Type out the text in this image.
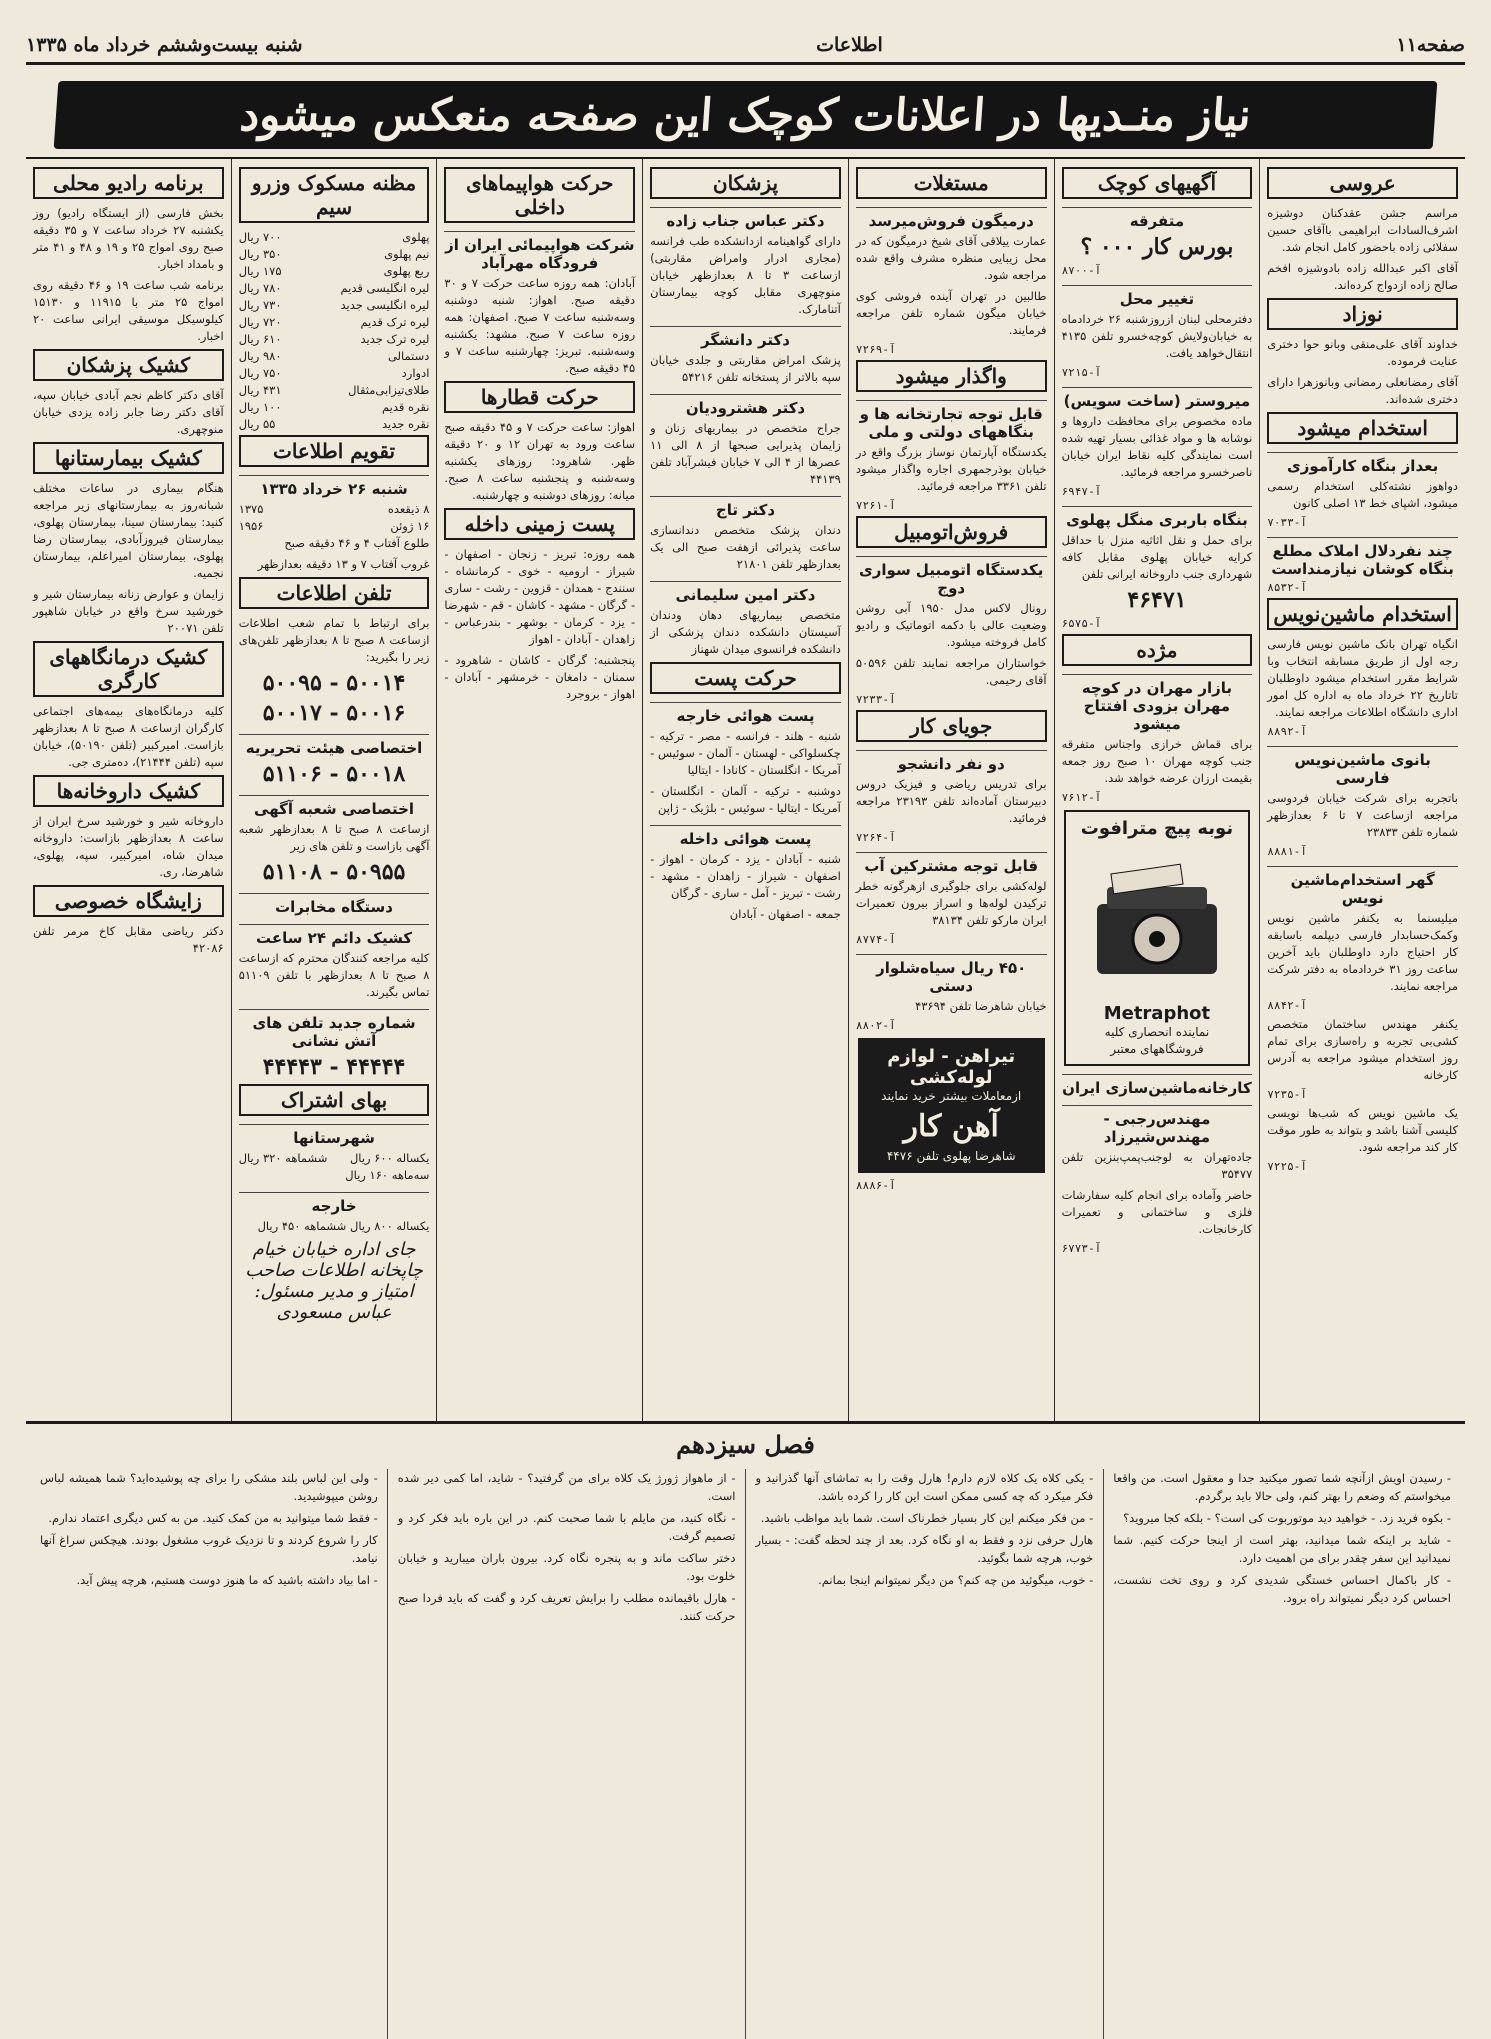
صفحه۱۱
اطلاعات
شنبه بیست‌وششم خرداد ماه ۱۳۳۵
نیاز منـدیها در اعلانات کوچک این صفحه منعکس میشود
عروسی
مراسم جشن عقدکنان دوشیزه اشرف‌السادات ابراهیمی باآقای حسین سفلائی زاده باحضور کامل انجام شد.
آقای اکبر عبدالله زاده بادوشیزه افخم صالح زاده ازدواج کرده‌اند.
نوزاد
خداوند آقای علی‌منقی وبانو حوا دختری عنایت فرموده.
آقای رمضانعلی رمضانی وبانوزهرا دارای دختری شده‌اند.
استخدام میشود
بعداز بنگاه کارآموزی
دواهوز نشته‌کلی استخدام رسمی میشود، اشپای خط ۱۳ اصلی کانون
آ-۷۰۳۳
چند نفردلال املاک مطلع بنگاه کوشان نیازمنداست
آ-۸۵۳۲
استخدام ماشین‌نویس
انگیاه تهران بانک ماشین نویس فارسی رجه اول از طریق مسابقه انتخاب وبا شرایط مقرر استخدام میشود داوطلبان تاتاریخ ۲۲ خرداد ماه به اداره کل امور اداری دانشگاه اطلاعات مراجعه نمایند.
آ-۸۸۹۲
بانوی ماشین‌نویس فارسی
باتجربه برای شرکت خیابان فردوسی مراجعه ازساعت ۷ تا ۶ بعدازظهر شماره تلفن ۲۳۸۳۳
آ-۸۸۸۱
گهر استخدام‌ماشین نویس
میلیسنما به یکنفر ماشین نویس وکمک‌حسابدار فارسی دیپلمه باسابقه کار احتیاج دارد داوطلبان باید آخرین ساعت روز ۳۱ خردادماه به دفتر شرکت مراجعه نمایند.
آ-۸۸۴۲
یکنفر مهندس ساختمان متخصص کشی‌بی تجربه و راه‌سازی برای تمام روز استخدام میشود مراجعه به آدرس کارخانه
آ-۷۲۳۵
یک ماشین نویس که شب‌ها نویسی کلیسی آشنا باشد و بتواند به طور موقت کار کند مراجعه شود.
آ-۷۲۲۵
آگهیهای کوچک
متفرقه
بورس کار ۰۰۰ ؟
آ-۸۷۰۰
تغییر محل
دفترمحلی لبنان ازروزشنبه ۲۶ خردادماه به خیابان‌ولایش کوچه‌خسرو تلفن ۴۱۳۵ انتقال‌خواهد یافت.
آ-۷۲۱۵
میروستر (ساخت سویس)
ماده مخصوص برای محافظت داروها و نوشابه ها و مواد غذائی بسیار تهیه شده است نمایندگی کلیه نقاط ایران خیابان ناصرخسرو مراجعه فرمائید.
آ-۶۹۴۷
بنگاه باربری منگل پهلوی
برای حمل و نقل اثاثیه منزل با حداقل کرایه خیابان پهلوی مقابل کافه شهرداری جنب داروخانه ایرانی تلفن
۴۶۴۷۱
آ-۶۵۷۵
مژده
بازار مهران در کوچه مهران بزودی افتتاح میشود
برای قماش خرازی واجناس متفرقه جنب کوچه مهران ۱۰ صبح روز جمعه بقیمت ارزان عرضه خواهد شد.
آ-۷۶۱۲
نوبه پیچ مترافوت
Metraphot
نماینده انحصاری کلیه فروشگاههای معتبر
کارخانه‌ماشین‌سازی ایران
مهندس‌رجبی - مهندس‌شیرزاد
جاده‌تهران به لوجنب‌پمپ‌بنزین تلفن ۳۵۴۷۷
حاضر وآماده برای انجام کلیه سفارشات فلزی و ساختمانی و تعمیرات کارخانجات.
آ-۶۷۷۳
مستغلات
درمیگون فروش‌میرسد
عمارت ییلاقی آقای شیخ درمیگون که در محل زیبایی منظره مشرف واقع شده مراجعه شود.
طالبین در تهران آینده فروشی کوی خیابان میگون شماره تلفن مراجعه فرمایند.
آ-۷۲۶۹
واگذار میشود
قابل توجه تجارتخانه ها و بنگاههای دولتی و ملی
یکدستگاه آپارتمان نوساز بزرگ واقع در خیابان بوذرجمهری اجاره واگذار میشود تلفن ۳۳۶۱ مراجعه فرمائید.
آ-۷۲۶۱
فروش‌اتومبیل
یکدستگاه اتومبیل سواری دوج
رونال لاکس مدل ۱۹۵۰ آبی روشن وضعیت عالی با دکمه اتوماتیک و رادیو کامل فروخته میشود.
خواستاران مراجعه نمایند تلفن ۵۰۵۹۶ آقای رحیمی.
آ-۷۲۳۳
جویای کار
دو نفر دانشجو
برای تدریس ریاضی و فیزیک دروس دبیرستان آماده‌اند تلفن ۲۳۱۹۳ مراجعه فرمائید.
آ-۷۲۶۴
قابل توجه مشترکین آب
لوله‌کشی برای جلوگیری ازهرگونه خطر ترکیدن لوله‌ها و اسراز بیرون تعمیرات ایران مارکو تلفن ۳۸۱۳۴
آ-۸۷۷۴
۴۵۰ ریال سیاه‌شلوار دستی
خیابان شاهرضا تلفن ۴۳۶۹۴
آ-۸۸۰۲
تیراهن - لوازم لوله‌کشی
ازمعاملات بیشتر خرید نمایند
آهن کار
شاهرضا پهلوی تلفن ۴۴۷۶
آ-۸۸۸۶
پزشکان
دکتر عباس جناب زاده
دارای گواهینامه ازدانشکده طب فرانسه (مجاری ادرار وامراض مقاربتی) ازساعت ۳ تا ۸ بعدازظهر خیابان منوچهری مقابل کوچه بیمارستان آتنامارک.
دکتر دانشگر
پزشک امراض مقاربتی و جلدی خیابان سپه بالاتر از پستخانه تلفن ۵۴۲۱۶
دکتر هشترودیان
جراح متخصص در بیماریهای زنان و زایمان پذیرایی صبحها از ۸ الی ۱۱ عصرها از ۴ الی ۷ خیابان فیشرآباد تلفن ۴۴۱۳۹
دکتر تاج
دندان پزشک متخصص دندانسازی ساعت پذیرائی ازهفت صبح الی یک بعدازظهر تلفن ۲۱۸۰۱
دکتر امین سلیمانی
متخصص بیماریهای دهان ودندان آسیستان دانشکده دندان پزشکی از دانشکده فرانسوی میدان شهناز
حرکت پست
پست هوائی خارجه
شنبه - هلند - فرانسه - مصر - ترکیه - چکسلواکی - لهستان - آلمان - سوئیس - آمریکا - انگلستان - کانادا - ایتالیا
دوشنبه - ترکیه - آلمان - انگلستان - آمریکا - ایتالیا - سوئیس - بلژیک - ژاپن
پست هوائی داخله
شنبه - آبادان - یزد - کرمان - اهواز - اصفهان - شیراز - زاهدان - مشهد - رشت - تبریز - آمل - ساری - گرگان
جمعه - اصفهان - آبادان
حرکت هواپیماهای داخلی
شرکت هواپیمائی ایران از فرودگاه مهرآباد
آبادان: همه روزه ساعت حرکت ۷ و ۳۰ دقیقه صبح. اهواز: شنبه دوشنبه وسه‌شنبه ساعت ۷ صبح. اصفهان: همه روزه ساعت ۷ صبح. مشهد: یکشنبه وسه‌شنبه. تبریز: چهارشنبه ساعت ۷ و ۴۵ دقیقه صبح.
حرکت قطارها
اهواز: ساعت حرکت ۷ و ۴۵ دقیقه صبح ساعت ورود به تهران ۱۲ و ۲۰ دقیقه ظهر. شاهرود: روزهای یکشنبه وسه‌شنبه و پنجشنبه ساعت ۸ صبح. میانه: روزهای دوشنبه و چهارشنبه.
پست زمینی داخله
همه روزه: تبریز - زنجان - اصفهان - شیراز - ارومیه - خوی - کرمانشاه - سنندج - همدان - قزوین - رشت - ساری - گرگان - مشهد - کاشان - قم - شهرضا - یزد - کرمان - بوشهر - بندرعباس - زاهدان - آبادان - اهواز
پنجشنبه: گرگان - کاشان - شاهرود - سمنان - دامغان - خرمشهر - آبادان - اهواز - بروجرد
مظنه مسکوک وزرو سیم
پهلوی
۷۰۰ ریال
نیم پهلوی
۳۵۰ ریال
ربع پهلوی
۱۷۵ ریال
لیره انگلیسی قدیم
۷۸۰ ریال
لیره انگلیسی جدید
۷۳۰ ریال
لیره ترک قدیم
۷۲۰ ریال
لیره ترک جدید
۶۱۰ ریال
دستمالی
۹۸۰ ریال
ادوارد
۷۵۰ ریال
طلای‌تیزابی‌مثقال
۴۳۱ ریال
نقره قدیم
۱۰۰ ریال
نقره جدید
۵۵ ریال
تقویم اطلاعات
شنبه ۲۶ خرداد ۱۳۳۵
۸ ذیقعده
۱۳۷۵
۱۶ ژوئن
۱۹۵۶
طلوع آفتاب ۴ و ۴۶ دقیقه صبح
غروب آفتاب ۷ و ۱۳ دقیقه بعدازظهر
تلفن اطلاعات
برای ارتباط با تمام شعب اطلاعات ازساعت ۸ صبح تا ۸ بعدازظهر تلفن‌های زیر را بگیرید:
۵۰۰۱۴ - ۵۰۰۹۵
۵۰۰۱۶ - ۵۰۰۱۷
اختصاصی هیئت تحریریه
۵۰۰۱۸ - ۵۱۱۰۶
اختصاصی شعبه آگهی
ازساعت ۸ صبح تا ۸ بعدازظهر شعبه آگهی بازاست و تلفن های زیر
۵۰۹۵۵ - ۵۱۱۰۸
دستگاه مخابرات
کشیک دائم ۲۴ ساعت
کلیه مراجعه کنندگان محترم که ازساعت ۸ صبح تا ۸ بعدازظهر با تلفن ۵۱۱۰۹ تماس بگیرند.
شماره جدید تلفن های آتش نشانی
۴۴۴۴۴ - ۴۴۴۴۳
بهای اشتراک
شهرستانها
یکساله ۶۰۰ ریال
ششماهه ۳۲۰ ریال
سه‌ماهه ۱۶۰ ریال
خارجه
یکساله ۸۰۰ ریال ششماهه ۴۵۰ ریال
جای اداره خیابان خیام چاپخانه اطلاعات صاحب امتیاز و مدیر مسئول: عباس مسعودی
برنامه رادیو محلی
بخش فارسی (از ایستگاه رادیو) روز یکشنبه ۲۷ خرداد ساعت ۷ و ۳۵ دقیقه صبح روی امواج ۲۵ و ۱۹ و ۴۸ و ۴۱ متر و بامداد اخبار.
برنامه شب ساعت ۱۹ و ۴۶ دقیقه روی امواج ۲۵ متر با ۱۱۹۱۵ و ۱۵۱۳۰ کیلوسیکل موسیقی ایرانی ساعت ۲۰ اخبار.
کشیک پزشکان
آقای دکتر کاظم نجم آبادی خیابان سپه، آقای دکتر رضا جابر زاده یزدی خیابان منوچهری.
کشیک بیمارستانها
هنگام بیماری در ساعات مختلف شبانه‌روز به بیمارستانهای زیر مراجعه کنید: بیمارستان سینا، بیمارستان پهلوی، بیمارستان فیروزآبادی، بیمارستان رضا پهلوی، بیمارستان امیراعلم، بیمارستان نجمیه.
زایمان و عوارض زنانه بیمارستان شیر و خورشید سرخ واقع در خیابان شاهپور تلفن ۲۰۰۷۱
کشیک درمانگاههای کارگری
کلیه درمانگاه‌های بیمه‌های اجتماعی کارگران ازساعت ۸ صبح تا ۸ بعدازظهر بازاست. امیرکبیر (تلفن ۵۰۱۹۰)، خیابان سپه (تلفن ۲۱۴۴۴)، ده‌متری جی.
کشیک داروخانه‌ها
داروخانه شیر و خورشید سرخ ایران از ساعت ۸ بعدازظهر بازاست: داروخانه میدان شاه، امیرکبیر، سپه، پهلوی، شاهرضا، ری.
زایشگاه خصوصی
دکتر ریاضی مقابل کاخ مرمر تلفن ۴۲۰۸۶
فصل سیزدهم
- رسیدن اویش ازآنچه شما تصور میکنید جدا و معقول است. من واقعا میخواستم که وضعم را بهتر کنم، ولی حالا باید برگردم.
- بکوه فرید زد. - خواهید دید موتوربوت کی است؟ - بلکه کجا میروید؟
- شاید بر اینکه شما میدانید، بهتر است از اینجا حرکت کنیم. شما نمیدانید این سفر چقدر برای من اهمیت دارد.
- کار باکمال احساس خستگی شدیدی کرد و روی تخت نشست، احساس کرد دیگر نمیتواند راه برود.
- یکی کلاه یک کلاه لازم دارم! هارل وقت را به تماشای آنها گذرانید و فکر میکرد که چه کسی ممکن است این کار را کرده باشد.
- من فکر میکنم این کار بسیار خطرناک است. شما باید مواظب باشید.
هارل حرفی نزد و فقط به او نگاه کرد. بعد از چند لحظه گفت: - بسیار خوب، هرچه شما بگوئید.
- خوب، میگوئید من چه کنم؟ من دیگر نمیتوانم اینجا بمانم.
- از ماهواز ژورژ یک کلاه برای من گرفتید؟ - شاید، اما کمی دیر شده است.
- نگاه کنید، من مایلم با شما صحبت کنم. در این باره باید فکر کرد و تصمیم گرفت.
دختر ساکت ماند و به پنجره نگاه کرد. بیرون باران میبارید و خیابان خلوت بود.
- هارل باقیمانده مطلب را برایش تعریف کرد و گفت که باید فردا صبح حرکت کنند.
- ولی این لباس بلند مشکی را برای چه پوشیده‌اید؟ شما همیشه لباس روشن میپوشیدید.
- فقط شما میتوانید به من کمک کنید. من به کس دیگری اعتماد ندارم.
کار را شروع کردند و تا نزدیک غروب مشغول بودند. هیچکس سراغ آنها نیامد.
- اما بیاد داشته باشید که ما هنوز دوست هستیم، هرچه پیش آید.
